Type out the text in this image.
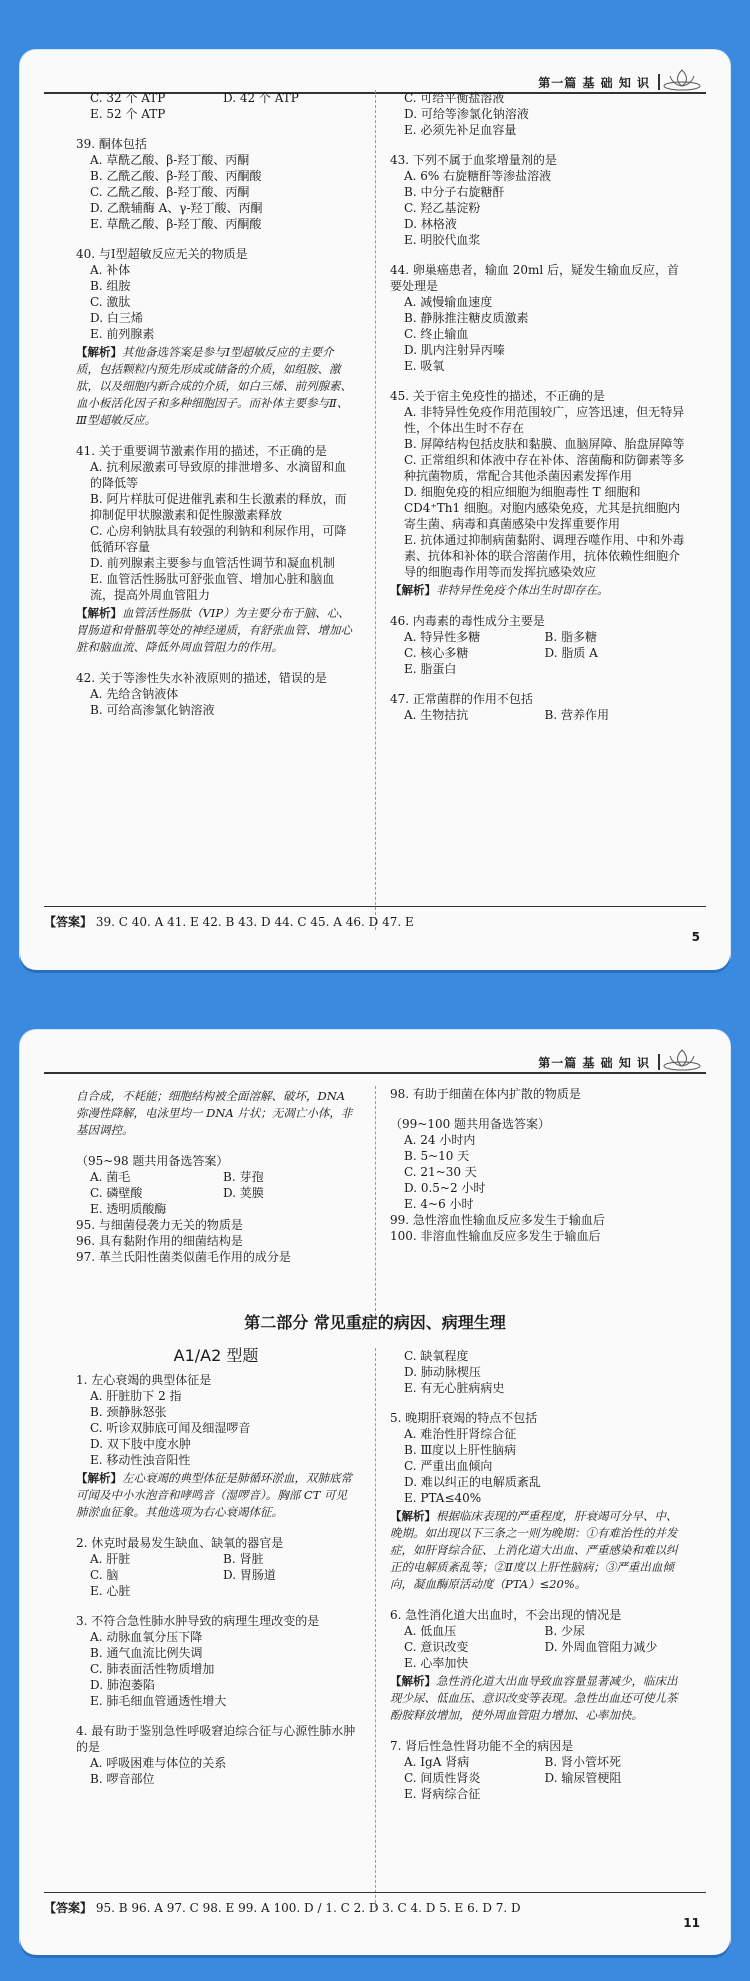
第一篇 基 础 知 识
C. 32 个 ATP	D. 42 个 ATP
E. 52 个 ATP
39. 酮体包括
A. 草酰乙酸、β-羟丁酸、丙酮
B. 乙酰乙酸、β-羟丁酸、丙酮酸
C. 乙酰乙酸、β-羟丁酸、丙酮
D. 乙酰辅酶 A、γ-羟丁酸、丙酮
E. 草酰乙酸、β-羟丁酸、丙酮酸
40. 与Ⅰ型超敏反应无关的物质是
A. 补体
B. 组胺
C. 激肽
D. 白三烯
E. 前列腺素
【解析】其他备选答案是参与Ⅰ型超敏反应的主要介质，包括颗粒内预先形成或储备的介质，如组胺、激肽，以及细胞内新合成的介质，如白三烯、前列腺素、血小板活化因子和多种细胞因子。而补体主要参与Ⅱ、Ⅲ型超敏反应。
41. 关于重要调节激素作用的描述，不正确的是
A. 抗利尿激素可导致原的排泄增多、水滴留和血的降低等
B. 阿片样肽可促进催乳素和生长激素的释放，而抑制促甲状腺激素和促性腺激素释放
C. 心房利钠肽具有较强的利钠和利尿作用，可降低循环容量
D. 前列腺素主要参与血管活性调节和凝血机制
E. 血管活性肠肽可舒张血管、增加心脏和脑血流，提高外周血管阻力
【解析】血管活性肠肽（VIP）为主要分布于脑、心、胃肠道和骨骼肌等处的神经递质，有舒张血管、增加心脏和脑血流、降低外周血管阻力的作用。
42. 关于等渗性失水补液原则的描述，错误的是
A. 先给含钠液体
B. 可给高渗氯化钠溶液
C. 可给平衡盐溶液
D. 可给等渗氯化钠溶液
E. 必须先补足血容量
43. 下列不属于血浆增量剂的是
A. 6% 右旋糖酐等渗盐溶液
B. 中分子右旋糖酐
C. 羟乙基淀粉
D. 林格液
E. 明胶代血浆
44. 卵巢癌患者，输血 20ml 后，疑发生输血反应，首要处理是
A. 减慢输血速度
B. 静脉推注糖皮质激素
C. 终止输血
D. 肌内注射异丙嗪
E. 吸氧
45. 关于宿主免疫性的描述，不正确的是
A. 非特异性免疫作用范围较广，应答迅速，但无特异性，个体出生时不存在
B. 屏障结构包括皮肤和黏膜、血脑屏障、胎盘屏障等
C. 正常组织和体液中存在补体、溶菌酶和防御素等多种抗菌物质，常配合其他杀菌因素发挥作用
D. 细胞免疫的相应细胞为细胞毒性 T 细胞和 CD4⁺Th1 细胞。对胞内感染免疫，尤其是抗细胞内寄生菌、病毒和真菌感染中发挥重要作用
E. 抗体通过抑制病菌黏附、调理吞噬作用、中和外毒素、抗体和补体的联合溶菌作用，抗体依赖性细胞介导的细胞毒作用等而发挥抗感染效应
【解析】非特异性免疫个体出生时即存在。
46. 内毒素的毒性成分主要是
A. 特异性多糖	B. 脂多糖
C. 核心多糖	D. 脂质 A
E. 脂蛋白
47. 正常菌群的作用不包括
A. 生物拮抗	B. 营养作用
【答案】 39. C 40. A 41. E 42. B 43. D 44. C 45. A 46. D 47. E
5
第一篇 基 础 知 识
自合成，不耗能；细胞结构被全面溶解、破坏，DNA 弥漫性降解，电泳里均一 DNA 片状；无凋亡小体，非基因调控。
（95~98 题共用备选答案）
A. 菌毛	B. 芽孢
C. 磷壁酸	D. 荚膜
E. 透明质酸酶
95. 与细菌侵袭力无关的物质是
96. 具有黏附作用的细菌结构是
97. 革兰氏阳性菌类似菌毛作用的成分是
98. 有助于细菌在体内扩散的物质是
（99~100 题共用备选答案）
A. 24 小时内
B. 5~10 天
C. 21~30 天
D. 0.5~2 小时
E. 4~6 小时
99. 急性溶血性输血反应多发生于输血后
100. 非溶血性输血反应多发生于输血后
第二部分 常见重症的病因、病理生理
A1/A2 型题
1. 左心衰竭的典型体征是
A. 肝脏肋下 2 指
B. 颈静脉怒张
C. 听诊双肺底可闻及细湿啰音
D. 双下肢中度水肿
E. 移动性浊音阳性
【解析】左心衰竭的典型体征是肺循环淤血，双肺底常可闻及中小水泡音和哮鸣音（湿啰音）。胸部 CT 可见肺淤血征象。其他选项为右心衰竭体征。
2. 休克时最易发生缺血、缺氧的器官是
A. 肝脏	B. 肾脏
C. 脑	D. 胃肠道
E. 心脏
3. 不符合急性肺水肿导致的病理生理改变的是
A. 动脉血氧分压下降
B. 通气血流比例失调
C. 肺表面活性物质增加
D. 肺泡萎陷
E. 肺毛细血管通透性增大
4. 最有助于鉴别急性呼吸窘迫综合征与心源性肺水肿的是
A. 呼吸困难与体位的关系
B. 啰音部位
C. 缺氧程度
D. 肺动脉楔压
E. 有无心脏病病史
5. 晚期肝衰竭的特点不包括
A. 难治性肝肾综合征
B. Ⅲ度以上肝性脑病
C. 严重出血倾向
D. 难以纠正的电解质紊乱
E. PTA≤40%
【解析】根据临床表现的严重程度，肝衰竭可分早、中、晚期。如出现以下三条之一则为晚期：①有难治性的并发症，如肝肾综合征、上消化道大出血、严重感染和难以纠正的电解质紊乱等；②Ⅱ度以上肝性脑病；③严重出血倾向，凝血酶原活动度（PTA）≤20%。
6. 急性消化道大出血时，不会出现的情况是
A. 低血压	B. 少尿
C. 意识改变	D. 外周血管阻力减少
E. 心率加快
【解析】急性消化道大出血导致血容量显著减少，临床出现少尿、低血压、意识改变等表现。急性出血还可使儿茶酚胺释放增加，使外周血管阻力增加、心率加快。
7. 肾后性急性肾功能不全的病因是
A. IgA 肾病	B. 肾小管坏死
C. 间质性肾炎	D. 输尿管梗阻
E. 肾病综合征
【答案】 95. B 96. A 97. C 98. E 99. A 100. D / 1. C 2. D 3. C 4. D 5. E 6. D 7. D
11
